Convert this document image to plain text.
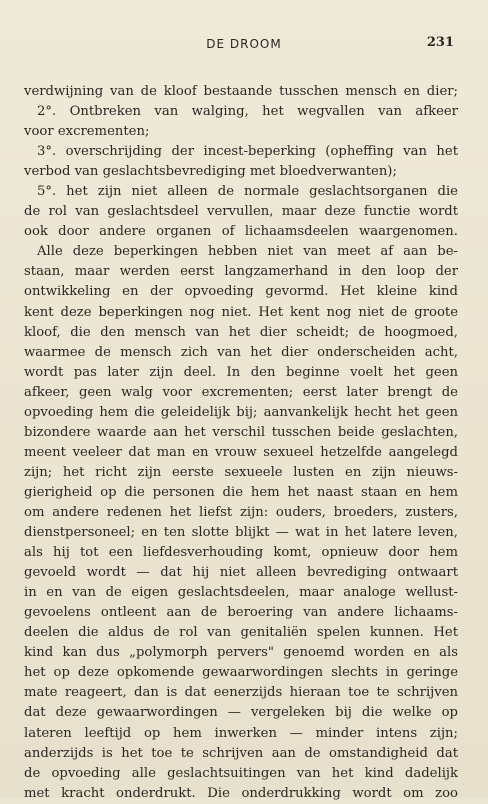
DE DROOM	231
verdwijning van de kloof bestaande tusschen mensch en dier;
2°. Ontbreken van walging, het wegvallen van afkeer
voor excrementen;
3°. overschrijding der incest-beperking (opheffing van het
verbod van geslachtsbevrediging met bloedverwanten);
5°. het zijn niet alleen de normale geslachtsorganen die
de rol van geslachtsdeel vervullen, maar deze functie wordt
ook door andere organen of lichaamsdeelen waargenomen.
Alle deze beperkingen hebben niet van meet af aan be-
staan, maar werden eerst langzamerhand in den loop der
ontwikkeling en der opvoeding gevormd. Het kleine kind
kent deze beperkingen nog niet. Het kent nog niet de groote
kloof, die den mensch van het dier scheidt; de hoogmoed,
waarmee de mensch zich van het dier onderscheiden acht,
wordt pas later zijn deel. In den beginne voelt het geen
afkeer, geen walg voor excrementen; eerst later brengt de
opvoeding hem die geleidelijk bij; aanvankelijk hecht het geen
bizondere waarde aan het verschil tusschen beide geslachten,
meent veeleer dat man en vrouw sexueel hetzelfde aangelegd
zijn; het richt zijn eerste sexueele lusten en zijn nieuws-
gierigheid op die personen die hem het naast staan en hem
om andere redenen het liefst zijn: ouders, broeders, zusters,
dienstpersoneel; en ten slotte blijkt — wat in het latere leven,
als hij tot een liefdesverhouding komt, opnieuw door hem
gevoeld wordt — dat hij niet alleen bevrediging ontwaart
in en van de eigen geslachtsdeelen, maar analoge wellust-
gevoelens ontleent aan de beroering van andere lichaams-
deelen die aldus de rol van genitaliën spelen kunnen. Het
kind kan dus „polymorph pervers" genoemd worden en als
het op deze opkomende gewaarwordingen slechts in geringe
mate reageert, dan is dat eenerzijds hieraan toe te schrijven
dat deze gewaarwordingen — vergeleken bij die welke op
lateren leeftijd op hem inwerken — minder intens zijn;
anderzijds is het toe te schrijven aan de omstandigheid dat
de opvoeding alle geslachtsuitingen van het kind dadelijk
met kracht onderdrukt. Die onderdrukking wordt om zoo
